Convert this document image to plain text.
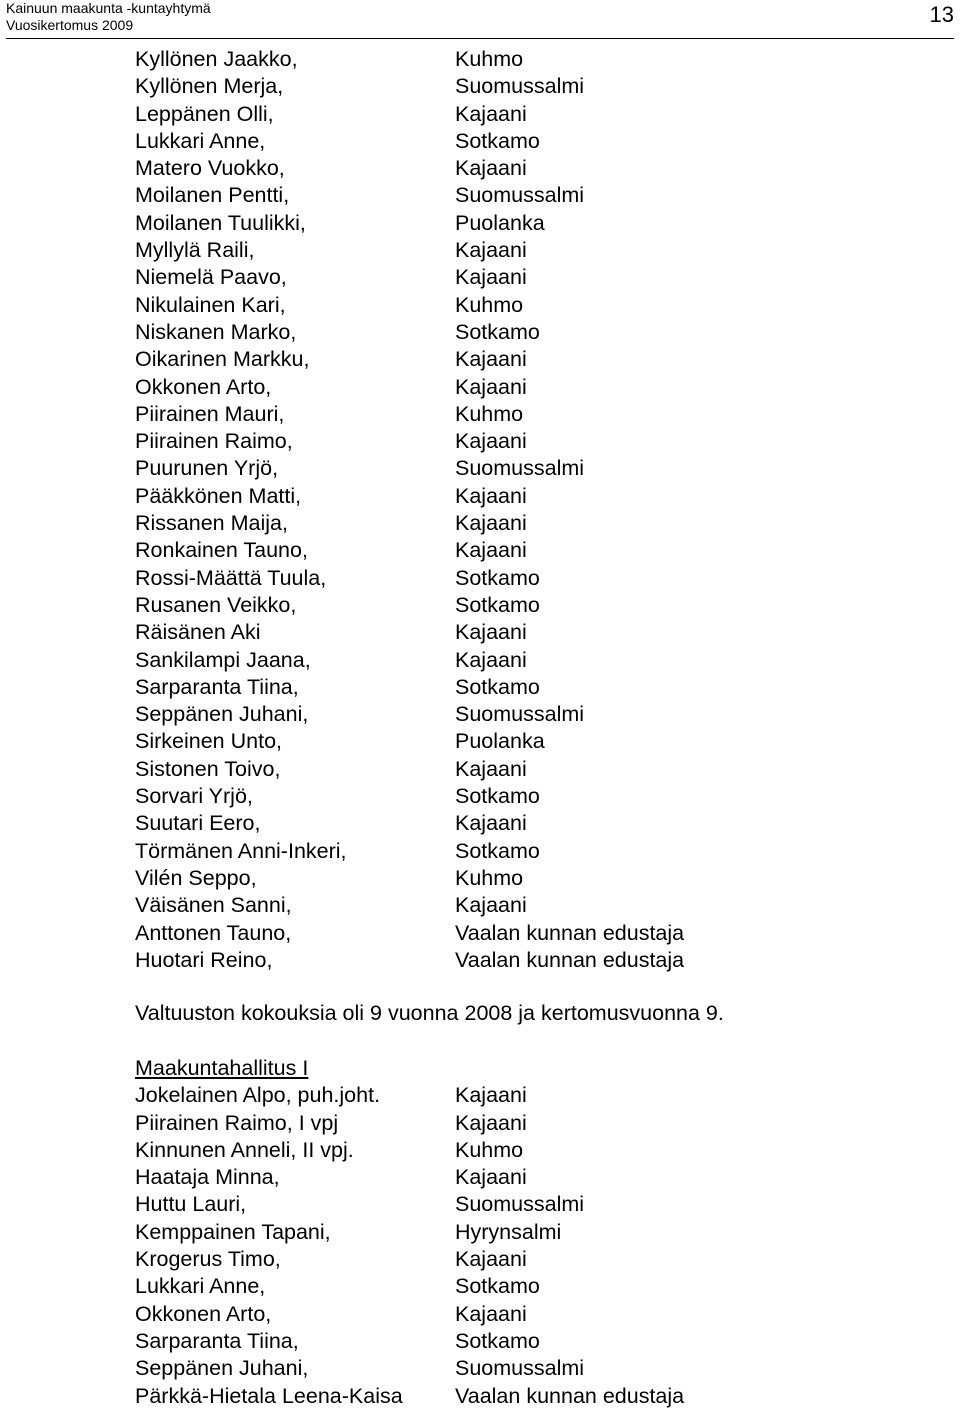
Kainuun maakunta -kuntayhtymä
Vuosikertomus 2009	13
Kyllönen Jaakko,	Kuhmo
Kyllönen Merja,	Suomussalmi
Leppänen Olli,	Kajaani
Lukkari Anne,	Sotkamo
Matero Vuokko,	Kajaani
Moilanen Pentti,	Suomussalmi
Moilanen Tuulikki,	Puolanka
Myllylä Raili,	Kajaani
Niemelä Paavo,	Kajaani
Nikulainen Kari,	Kuhmo
Niskanen Marko,	Sotkamo
Oikarinen Markku,	Kajaani
Okkonen Arto,	Kajaani
Piirainen Mauri,	Kuhmo
Piirainen Raimo,	Kajaani
Puurunen Yrjö,	Suomussalmi
Pääkkönen Matti,	Kajaani
Rissanen Maija,	Kajaani
Ronkainen Tauno,	Kajaani
Rossi-Määttä Tuula,	Sotkamo
Rusanen Veikko,	Sotkamo
Räisänen Aki	Kajaani
Sankilampi Jaana,	Kajaani
Sarparanta Tiina,	Sotkamo
Seppänen Juhani,	Suomussalmi
Sirkeinen Unto,	Puolanka
Sistonen Toivo,	Kajaani
Sorvari Yrjö,	Sotkamo
Suutari Eero,	Kajaani
Törmänen Anni-Inkeri,	Sotkamo
Vilén Seppo,	Kuhmo
Väisänen Sanni,	Kajaani
Anttonen Tauno,	Vaalan kunnan edustaja
Huotari Reino,	Vaalan kunnan edustaja
Valtuuston kokouksia oli 9 vuonna 2008 ja kertomusvuonna 9.
Maakuntahallitus I
Jokelainen Alpo, puh.joht.	Kajaani
Piirainen Raimo, I vpj	Kajaani
Kinnunen Anneli, II vpj.	Kuhmo
Haataja Minna,	Kajaani
Huttu Lauri,	Suomussalmi
Kemppainen Tapani,	Hyrynsalmi
Krogerus Timo,	Kajaani
Lukkari Anne,	Sotkamo
Okkonen Arto,	Kajaani
Sarparanta Tiina,	Sotkamo
Seppänen Juhani,	Suomussalmi
Pärkkä-Hietala Leena-Kaisa Vaalan kunnan edustaja
